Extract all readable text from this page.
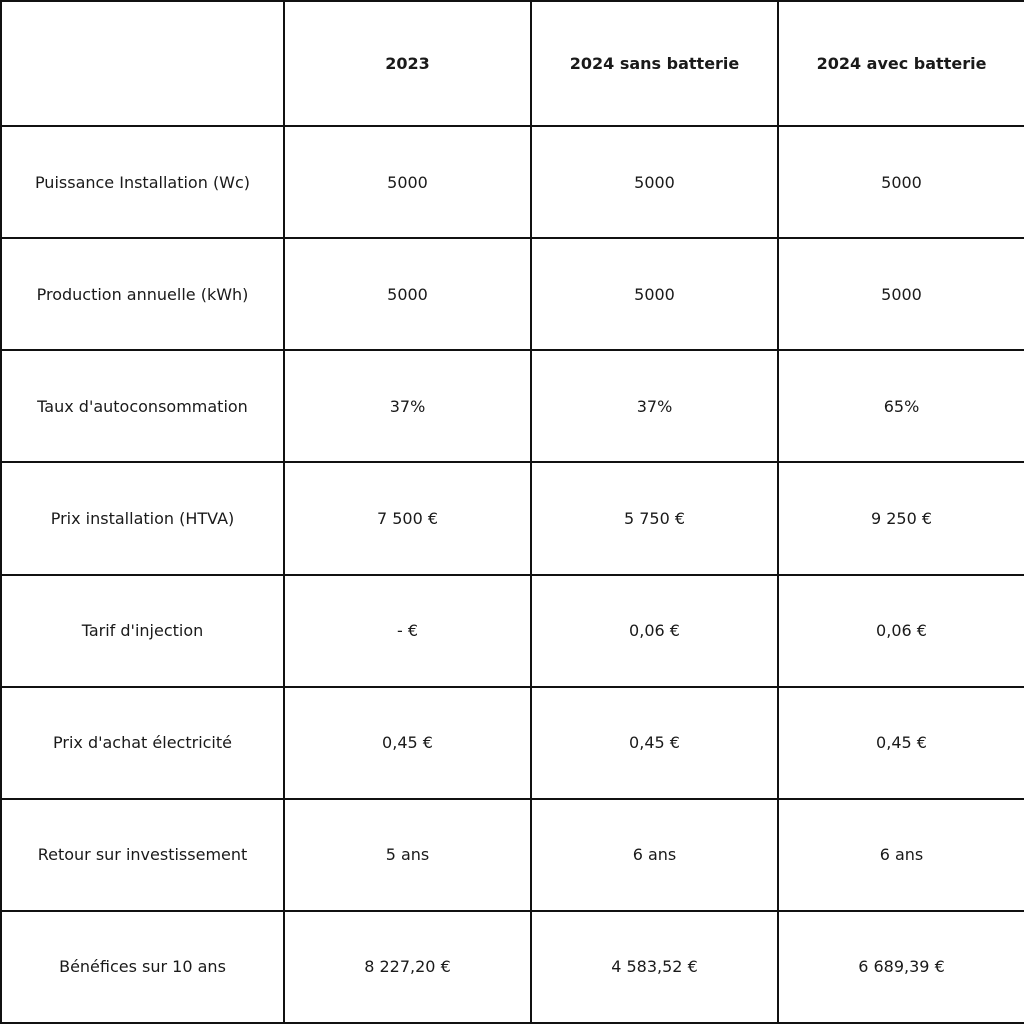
	2023	2024 sans batterie	2024 avec batterie
Puissance Installation (Wc)	5000	5000	5000
Production annuelle (kWh)	5000	5000	5000
Taux d'autoconsommation	37%	37%	65%
Prix installation (HTVA)	7 500 €	5 750 €	9 250 €
Tarif d'injection	- €	0,06 €	0,06 €
Prix d'achat électricité	0,45 €	0,45 €	0,45 €
Retour sur investissement	5 ans	6 ans	6 ans
Bénéfices sur 10 ans	8 227,20 €	4 583,52 €	6 689,39 €
